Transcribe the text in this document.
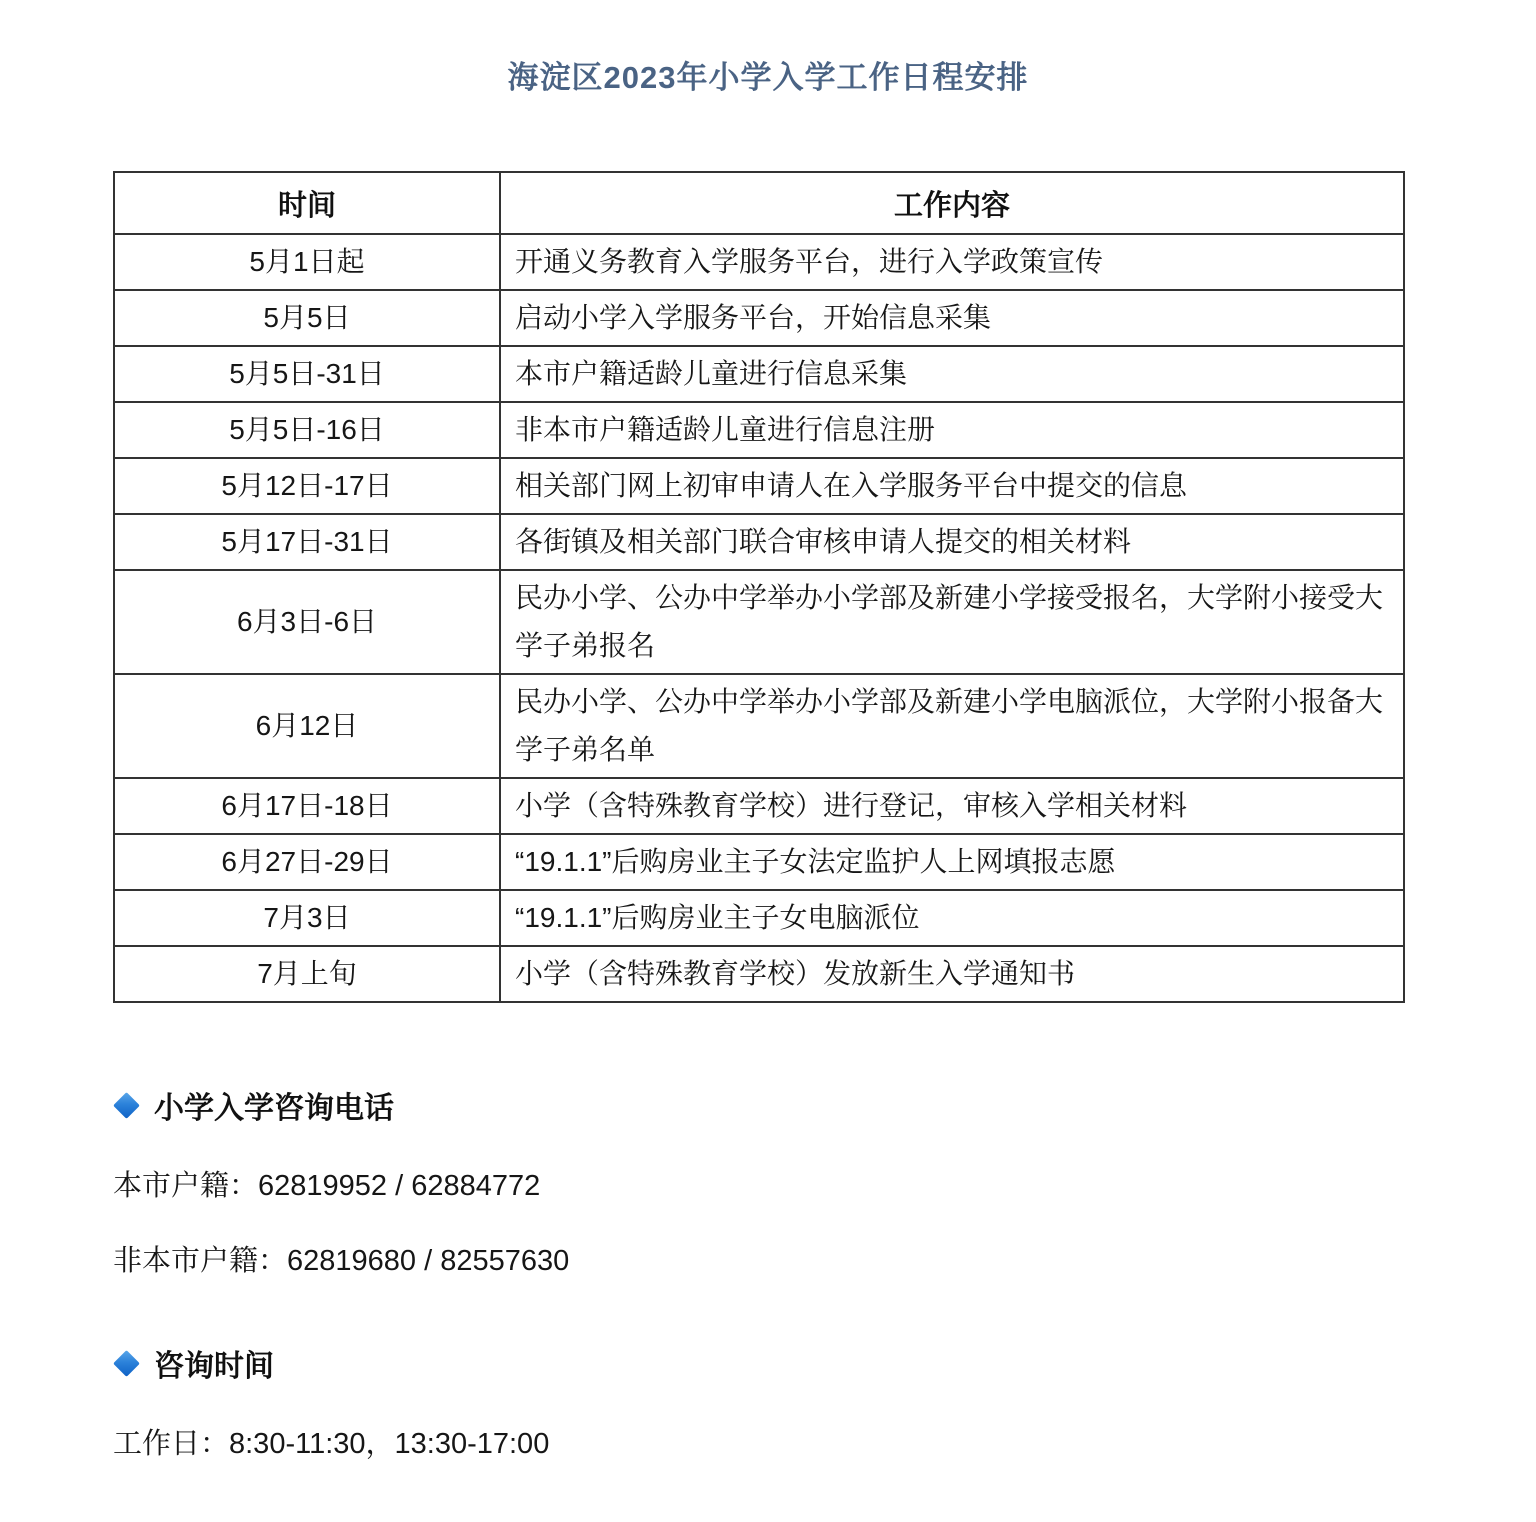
海淀区2023年小学入学工作日程安排
时间	工作内容
5月1日起	开通义务教育入学服务平台，进行入学政策宣传
5月5日	启动小学入学服务平台，开始信息采集
5月5日-31日	本市户籍适龄儿童进行信息采集
5月5日-16日	非本市户籍适龄儿童进行信息注册
5月12日-17日	相关部门网上初审申请人在入学服务平台中提交的信息
5月17日-31日	各街镇及相关部门联合审核申请人提交的相关材料
6月3日-6日	民办小学、公办中学举办小学部及新建小学接受报名，大学附小接受大学子弟报名
6月12日	民办小学、公办中学举办小学部及新建小学电脑派位，大学附小报备大学子弟名单
6月17日-18日	小学（含特殊教育学校）进行登记，审核入学相关材料
6月27日-29日	“19.1.1”后购房业主子女法定监护人上网填报志愿
7月3日	“19.1.1”后购房业主子女电脑派位
7月上旬	小学（含特殊教育学校）发放新生入学通知书
小学入学咨询电话
本市户籍：62819952 / 62884772
非本市户籍：62819680 / 82557630
咨询时间
工作日：8:30-11:30，13:30-17:00
